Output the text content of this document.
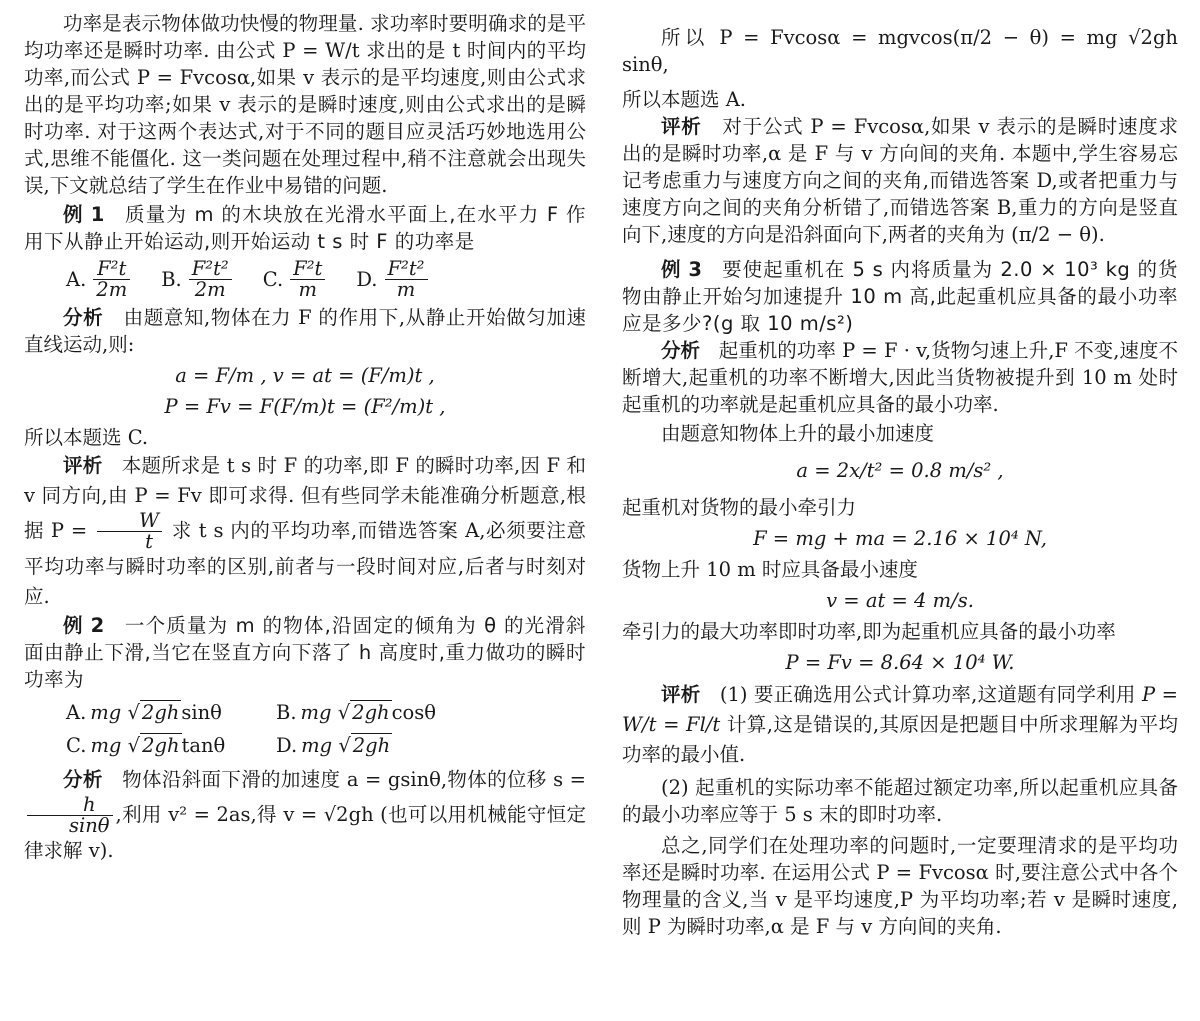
功率是表示物体做功快慢的物理量. 求功率时要明确求的是平均功率还是瞬时功率. 由公式 P = W/t 求出的是 t 时间内的平均功率,而公式 P = Fvcosα,如果 v 表示的是平均速度,则由公式求出的是平均功率;如果 v 表示的是瞬时速度,则由公式求出的是瞬时功率. 对于这两个表达式,对于不同的题目应灵活巧妙地选用公式,思维不能僵化. 这一类问题在处理过程中,稍不注意就会出现失误,下文就总结了学生在作业中易错的问题.

例 1 质量为 m 的木块放在光滑水平面上,在水平力 F 作用下从静止开始运动,则开始运动 t s 时 F 的功率是

A. $\frac{\text{F²t}}{2m} B$. $\frac{\text{F²t²}}{2m} C$. $\frac{\text{F²t}}{m} D$. $\frac{\text{F²t²}}{m}$

分析 由题意知,物体在力 F 的作用下,从静止开始做匀加速直线运动,则:

a = F/m , v = at = (F/m)t ,
P = Fv = F(F/m)t = (F²/m)t ,

所以本题选 C.

评析 本题所求是 t s 时 F 的功率,即 F 的瞬时功率,因 F 和 v 同方向,由 P = Fv 即可求得. 但有些同学未能准确分析题意,根据 $P = \frac{W}{t}$ 求 t s 内的平均功率,而错选答案 A,必须要注意平均功率与瞬时功率的区别,前者与一段时间对应,后者与时刻对应.

例 2 一个质量为 m 的物体,沿固定的倾角为 θ 的光滑斜面由静止下滑,当它在竖直方向下落了 h 高度时,重力做功的瞬时功率为

A. mg
√ 2gh sinθ	B. mg
√ 2gh cosθ
C. mg
√ 2gh tanθ	D. mg
√ 2gh

分析 物体沿斜面下滑的加速度 a = gsinθ,物体的位移 s =
$\frac{h}{\sin\theta}$ ,利用 v² = 2as,得 v = √2gh (也可以用机械能守恒定律求解 v).

所以 P = Fvcosα = mgvcos(π/2 − θ) = mg √2gh sinθ,

所以本题选 A.

评析 对于公式 P = Fvcosα,如果 v 表示的是瞬时速度求出的是瞬时功率,α 是 F 与 v 方向间的夹角. 本题中,学生容易忘记考虑重力与速度方向之间的夹角,而错选答案 D,或者把重力与速度方向之间的夹角分析错了,而错选答案 B,重力的方向是竖直向下,速度的方向是沿斜面向下,两者的夹角为 (π/2 − θ).

例 3 要使起重机在 5 s 内将质量为 2.0 × 10³ kg 的货物由静止开始匀加速提升 10 m 高,此起重机应具备的最小功率应是多少?(g 取 10 m/s²)

分析 起重机的功率 P = F · v,货物匀速上升,F 不变,速度不断增大,起重机的功率不断增大,因此当货物被提升到 10 m 处时起重机的功率就是起重机应具备的最小功率.

由题意知物体上升的最小加速度

a = 2x/t² = 0.8 m/s² ,

起重机对货物的最小牵引力

F = mg + ma = 2.16 × 10⁴ N,

货物上升 10 m 时应具备最小速度

v = at = 4 m/s.

牵引力的最大功率即时功率,即为起重机应具备的最小功率

P = Fv = 8.64 × 10⁴ W.

评析 (1) 要正确选用公式计算功率,这道题有同学利用 P = W/t = Fl/t 计算,这是错误的,其原因是把题目中所求理解为平均功率的最小值.

(2) 起重机的实际功率不能超过额定功率,所以起重机应具备的最小功率应等于 5 s 末的即时功率.

总之,同学们在处理功率的问题时,一定要理清求的是平均功率还是瞬时功率. 在运用公式 P = Fvcosα 时,要注意公式中各个物理量的含义,当 v 是平均速度,P 为平均功率;若 v 是瞬时速度,则 P 为瞬时功率,α 是 F 与 v 方向间的夹角.
